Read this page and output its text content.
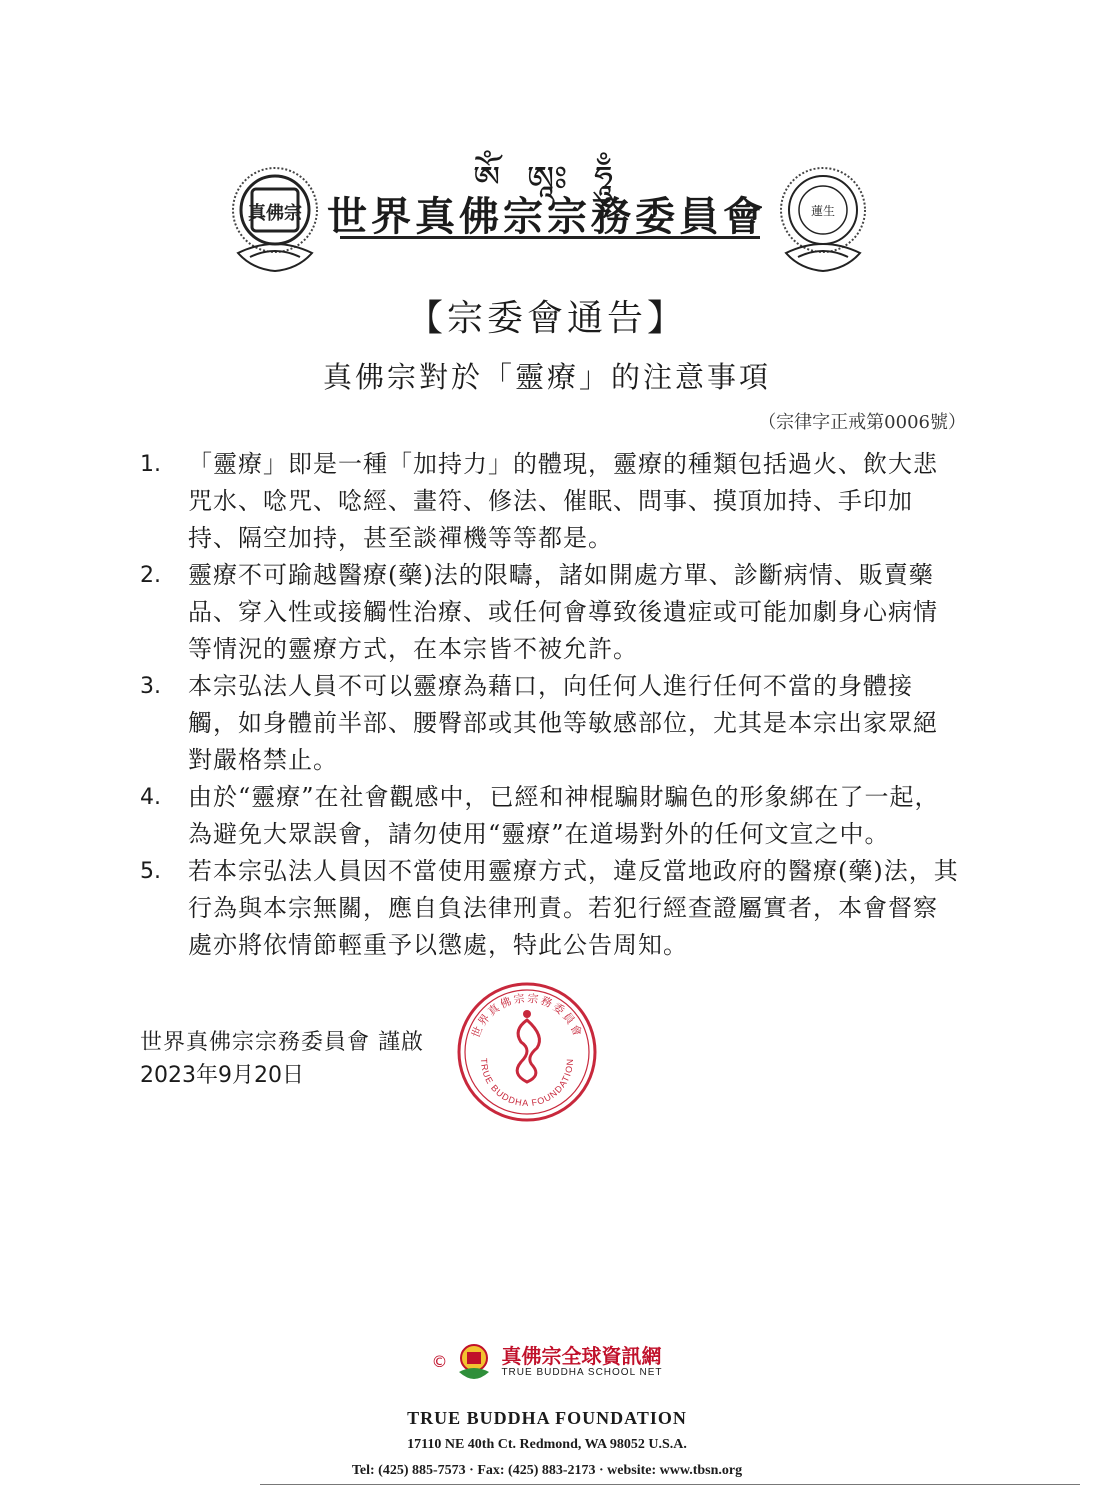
ༀ ཨཱཿ ཧཱུྃ
世界真佛宗宗務委員會
真佛宗	蓮生
【宗委會通告】
真佛宗對於「靈療」的注意事項
（宗律字正戒第0006號）
1.	「靈療」即是一種「加持力」的體現，靈療的種類包括過火、飲大悲咒水、唸咒、唸經、畫符、修法、催眠、問事、摸頂加持、手印加持、隔空加持，甚至談禪機等等都是。
2.	靈療不可踰越醫療(藥)法的限疇，諸如開處方單、診斷病情、販賣藥品、穿入性或接觸性治療、或任何會導致後遺症或可能加劇身心病情等情況的靈療方式，在本宗皆不被允許。
3.	本宗弘法人員不可以靈療為藉口，向任何人進行任何不當的身體接觸，如身體前半部、腰臀部或其他等敏感部位，尤其是本宗出家眾絕對嚴格禁止。
4.	由於“靈療”在社會觀感中，已經和神棍騙財騙色的形象綁在了一起，為避免大眾誤會，請勿使用“靈療”在道場對外的任何文宣之中。
5.	若本宗弘法人員因不當使用靈療方式，違反當地政府的醫療(藥)法，其行為與本宗無關，應自負法律刑責。若犯行經查證屬實者，本會督察處亦將依情節輕重予以懲處，特此公告周知。
世界真佛宗宗務委員會 謹啟
2023年9月20日
世界真佛宗宗務委員會
TRUE BUDDHA FOUNDATION
©	真佛宗全球資訊網
TRUE BUDDHA SCHOOL NET
TRUE BUDDHA FOUNDATION
17110 NE 40th Ct. Redmond, WA 98052 U.S.A.
Tel: (425) 885-7573 · Fax: (425) 883-2173 · website: www.tbsn.org
